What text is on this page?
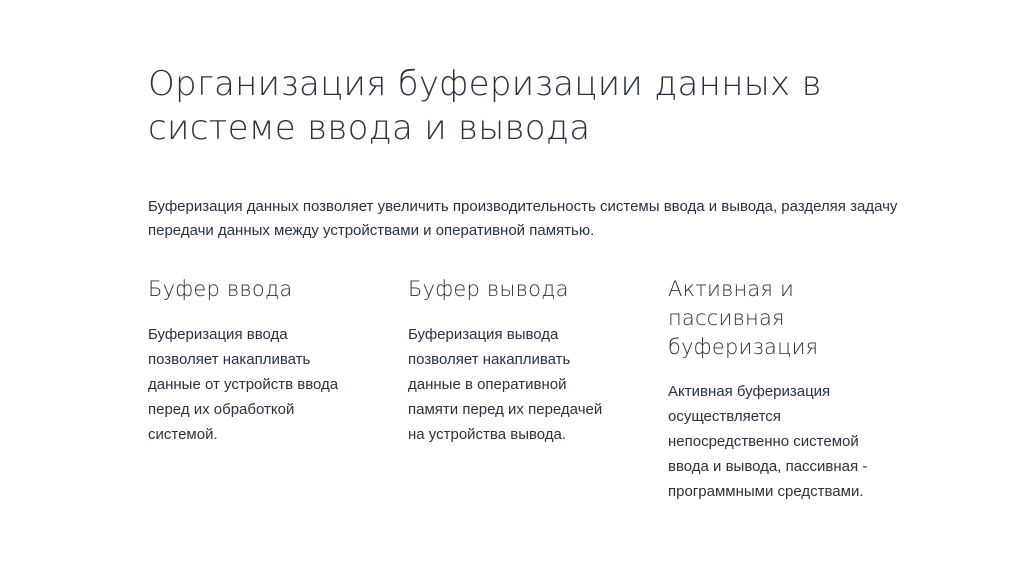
Организация буферизации данных в системе ввода и вывода

Буферизация данных позволяет увеличить производительность системы ввода и вывода, разделяя задачу передачи данных между устройствами и оперативной памятью.

Буфер ввода

Буферизация ввода позволяет накапливать данные от устройств ввода перед их обработкой системой.

Буфер вывода

Буферизация вывода позволяет накапливать данные в оперативной памяти перед их передачей на устройства вывода.

Активная и пассивная буферизация

Активная буферизация осуществляется непосредственно системой ввода и вывода, пассивная - программными средствами.
